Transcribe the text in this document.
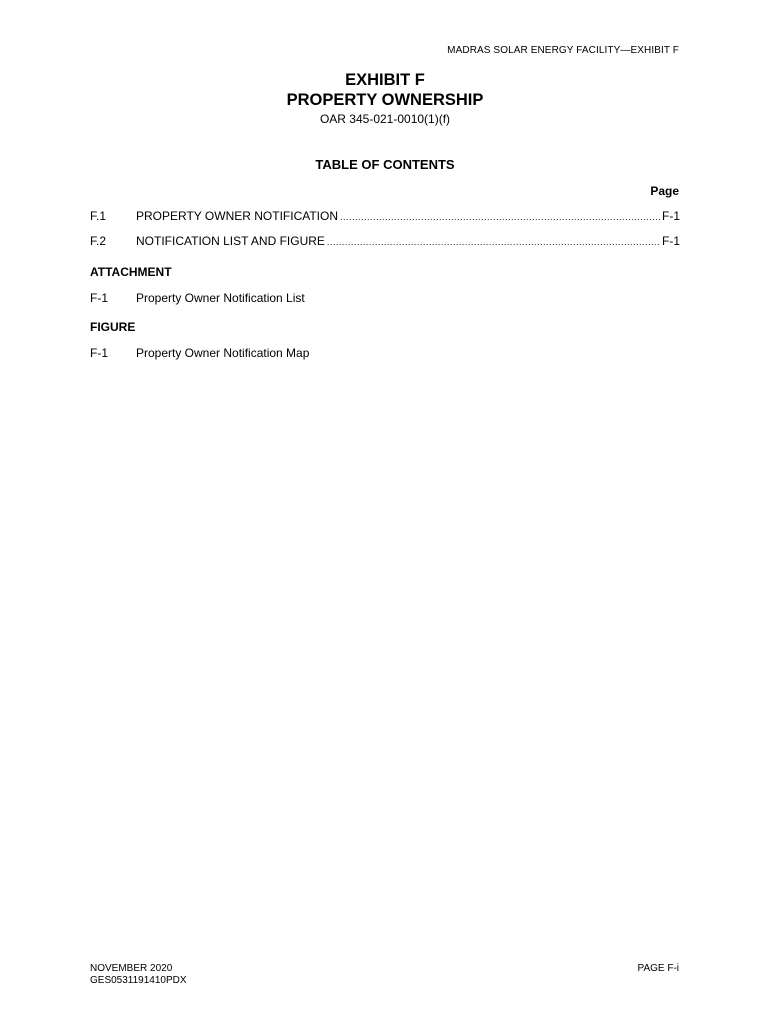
MADRAS SOLAR ENERGY FACILITY—EXHIBIT F
EXHIBIT F
PROPERTY OWNERSHIP
OAR 345-021-0010(1)(f)
TABLE OF CONTENTS
Page
F.1	PROPERTY OWNER NOTIFICATION .....	F-1
F.2	NOTIFICATION LIST AND FIGURE .....	F-1
ATTACHMENT
F-1	Property Owner Notification List
FIGURE
F-1	Property Owner Notification Map
NOVEMBER 2020
GES0531191410PDX
PAGE F-i
